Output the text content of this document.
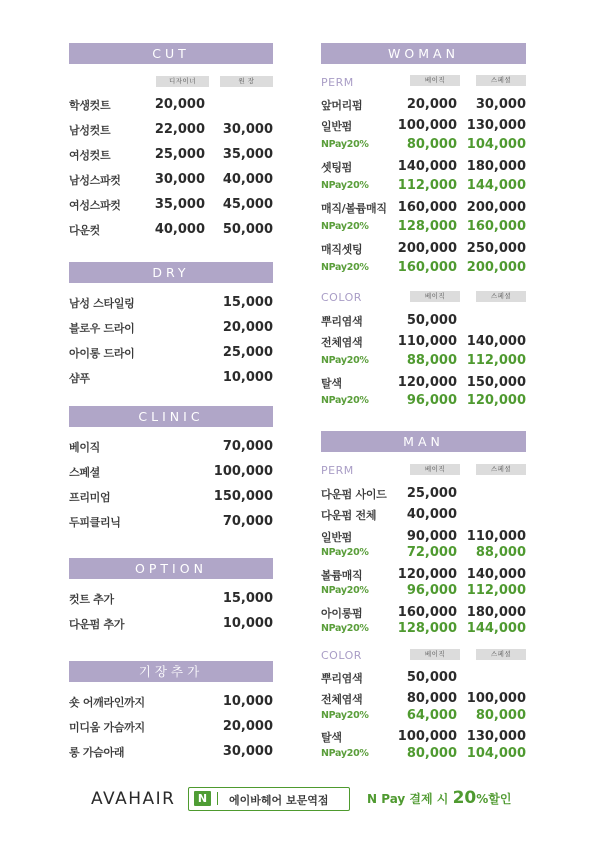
CUT
디자이너	원 장
학생컷트	20,000
남성컷트	22,000 30,000
여성컷트	25,000 35,000
남성스파컷	30,000 40,000
여성스파컷	35,000 45,000
다운컷	40,000 50,000
DRY
남성 스타일링	15,000
블로우 드라이	20,000
아이롱 드라이	25,000
샴푸	10,000
CLINIC
베이직	70,000
스페셜	100,000
프리미엄	150,000
두피클리닉	70,000
OPTION
컷트 추가	15,000
다운펌 추가	10,000
기장추가
숏 어깨라인까지	10,000
미디움 가슴까지	20,000
롱 가슴아래	30,000
WOMAN
PERM	베이직	스페셜
앞머리펌	20,000 30,000
일반펌	100,000 130,000
NPay20%	80,000 104,000
셋팅펌	140,000 180,000
NPay20% 112,000 144,000
매직/볼륨매직 160,000 200,000
NPay20% 128,000 160,000
매직셋팅	200,000 250,000
NPay20% 160,000 200,000
COLOR	베이직	스페셜
뿌리염색	50,000
전체염색	110,000 140,000
NPay20%	88,000 112,000
탈색	120,000 150,000
NPay20%	96,000 120,000
MAN
PERM	베이직	스페셜
다운펌 사이드 25,000
다운펌 전체 40,000
일반펌	90,000 110,000
NPay20%	72,000 88,000
볼륨매직	120,000 140,000
NPay20%	96,000 112,000
아이롱펌	160,000 180,000
NPay20% 128,000 144,000
COLOR	베이직	스페셜
뿌리염색	50,000
전체염색	80,000 100,000
NPay20%	64,000 80,000
탈색	100,000 130,000
NPay20%	80,000 104,000
AVAHAIR	N	에이바헤어 보문역점	N Pay 결제 시 20%할인
